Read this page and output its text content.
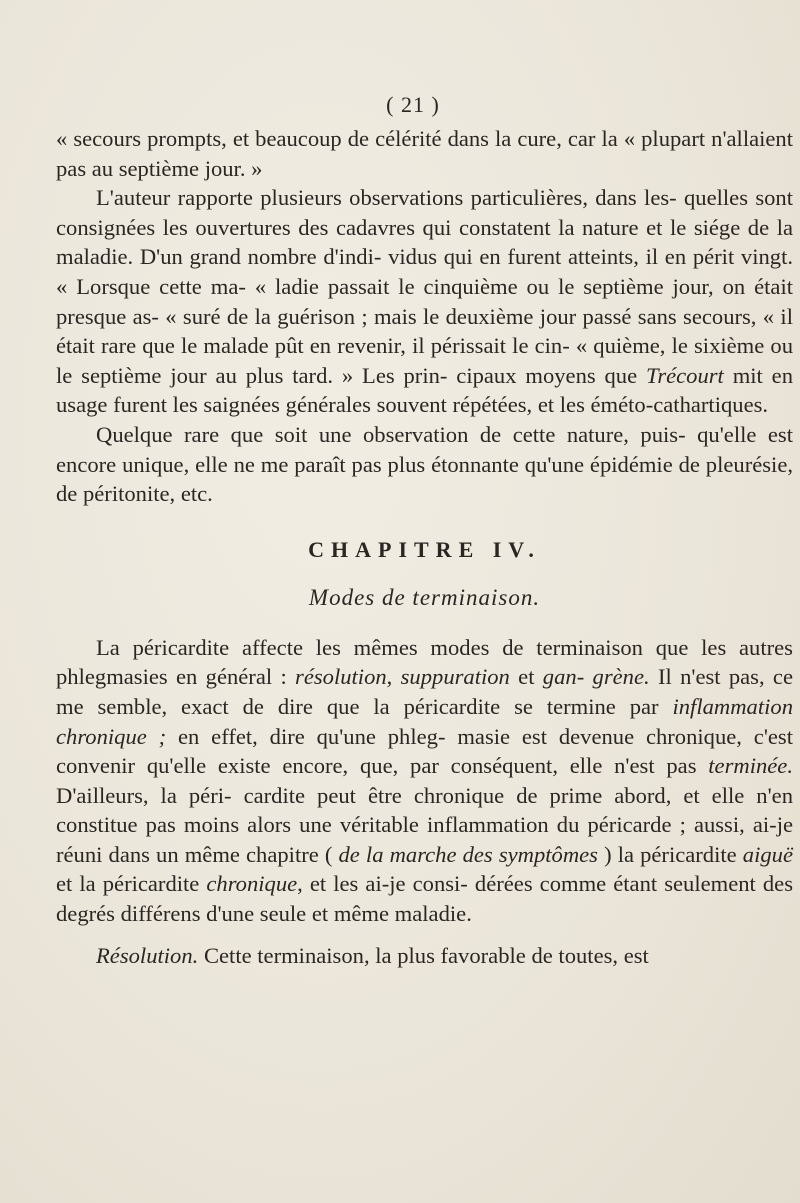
( 21 )

« secours prompts, et beaucoup de célérité dans la cure, car la « plupart n'allaient pas au septième jour. »

L'auteur rapporte plusieurs observations particulières, dans les- quelles sont consignées les ouvertures des cadavres qui constatent la nature et le siége de la maladie. D'un grand nombre d'indi- vidus qui en furent atteints, il en périt vingt. « Lorsque cette ma- « ladie passait le cinquième ou le septième jour, on était presque as- « suré de la guérison ; mais le deuxième jour passé sans secours, « il était rare que le malade pût en revenir, il périssait le cin- « quième, le sixième ou le septième jour au plus tard. » Les prin- cipaux moyens que Trécourt mit en usage furent les saignées générales souvent répétées, et les éméto-cathartiques.

Quelque rare que soit une observation de cette nature, puis- qu'elle est encore unique, elle ne me paraît pas plus étonnante qu'une épidémie de pleurésie, de péritonite, etc.

CHAPITRE IV.
Modes de terminaison.

La péricardite affecte les mêmes modes de terminaison que les autres phlegmasies en général : résolution, suppuration et gan- grène. Il n'est pas, ce me semble, exact de dire que la péricardite se termine par inflammation chronique ; en effet, dire qu'une phleg- masie est devenue chronique, c'est convenir qu'elle existe encore, que, par conséquent, elle n'est pas terminée. D'ailleurs, la péri- cardite peut être chronique de prime abord, et elle n'en constitue pas moins alors une véritable inflammation du péricarde ; aussi, ai-je réuni dans un même chapitre ( de la marche des symptômes ) la péricardite aiguë et la péricardite chronique, et les ai-je consi- dérées comme étant seulement des degrés différens d'une seule et même maladie.

Résolution. Cette terminaison, la plus favorable de toutes, est
